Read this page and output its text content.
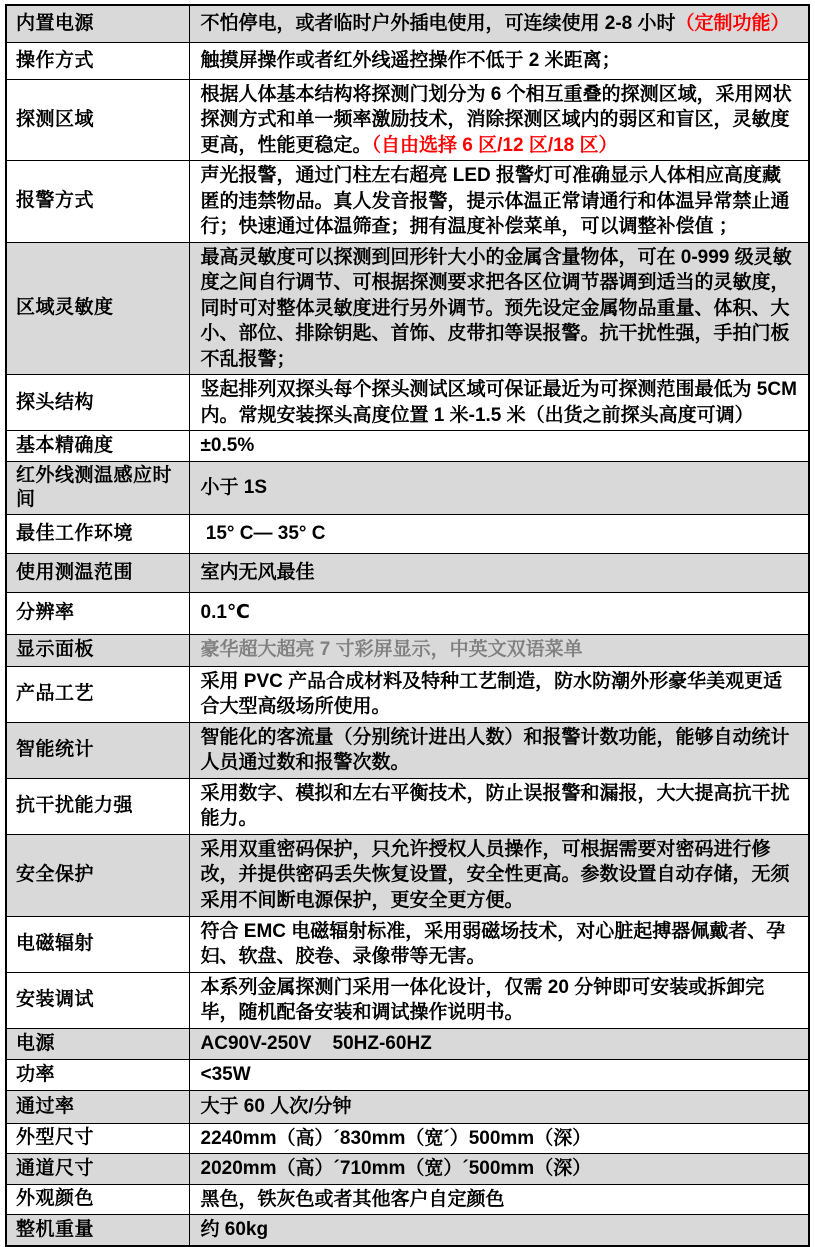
内置电源	不怕停电，或者临时户外插电使用，可连续使用 2-8 小时（定制功能）
操作方式	触摸屏操作或者红外线遥控操作不低于 2 米距离；
探测区域	根据人体基本结构将探测门划分为 6 个相互重叠的探测区域，采用网状探测方式和单一频率激励技术，消除探测区域内的弱区和盲区，灵敏度更高，性能更稳定。（自由选择 6 区/12 区/18 区）
报警方式	声光报警，通过门柱左右超亮 LED 报警灯可准确显示人体相应高度藏匿的违禁物品。真人发音报警，提示体温正常请通行和体温异常禁止通行；快速通过体温筛查；拥有温度补偿菜单，可以调整补偿值 ；
区域灵敏度	最高灵敏度可以探测到回形针大小的金属含量物体，可在 0-999 级灵敏度之间自行调节、可根据探测要求把各区位调节器调到适当的灵敏度，同时可对整体灵敏度进行另外调节。预先设定金属物品重量、体积、大小、部位、排除钥匙、首饰、皮带扣等误报警。抗干扰性强，手拍门板不乱报警；
探头结构	竖起排列双探头每个探头测试区域可保证最近为可探测范围最低为 5CM 内。常规安装探头高度位置 1 米-1.5 米（出货之前探头高度可调）
基本精确度	±0.5%
红外线测温感应时间	小于 1S
最佳工作环境	15° C— 35° C
使用测温范围	室内无风最佳
分辨率	0.1℃
显示面板	豪华超大超亮 7 寸彩屏显示，中英文双语菜单
产品工艺	采用 PVC 产品合成材料及特种工艺制造，防水防潮外形豪华美观更适合大型高级场所使用。
智能统计	智能化的客流量（分别统计进出人数）和报警计数功能，能够自动统计人员通过数和报警次数。
抗干扰能力强	采用数字、模拟和左右平衡技术，防止误报警和漏报，大大提高抗干扰能力。
安全保护	采用双重密码保护，只允许授权人员操作，可根据需要对密码进行修改，并提供密码丢失恢复设置，安全性更高。参数设置自动存储，无须采用不间断电源保护，更安全更方便。
电磁辐射	符合 EMC 电磁辐射标准，采用弱磁场技术，对心脏起搏器佩戴者、孕妇、软盘、胶卷、录像带等无害。
安装调试	本系列金属探测门采用一体化设计，仅需 20 分钟即可安装或拆卸完毕，随机配备安装和调试操作说明书。
电源	AC90V-250V    50HZ-60HZ
功率	<35W
通过率	大于 60 人次/分钟
外型尺寸	2240mm（高）´830mm（宽´）500mm（深）
通道尺寸	2020mm（高）´710mm（宽）´500mm（深）
外观颜色	黑色，铁灰色或者其他客户自定颜色
整机重量	约 60kg
